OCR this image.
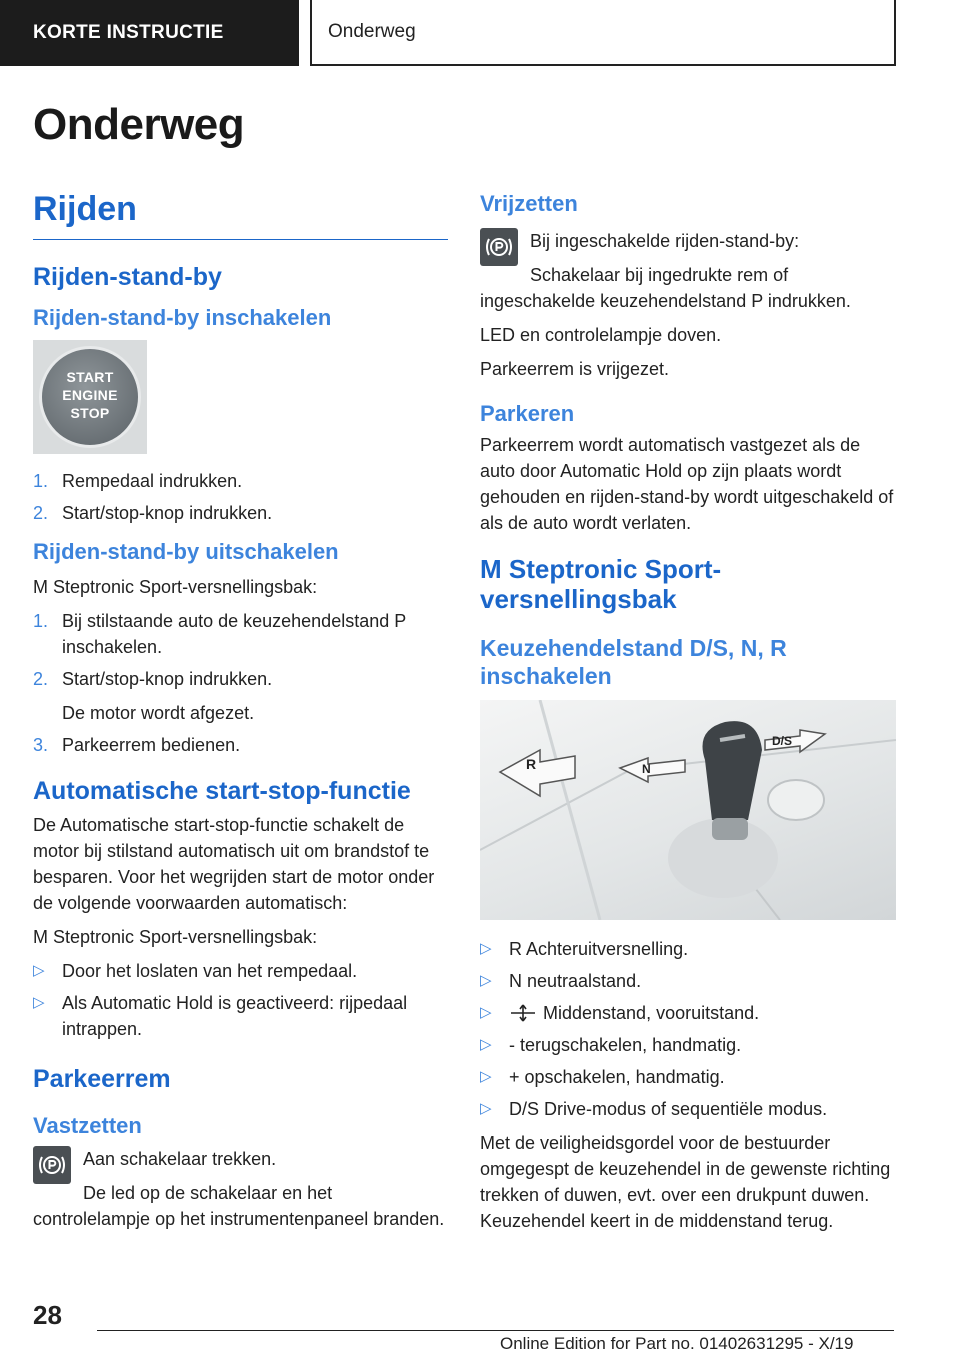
KORTE INSTRUCTIE	Onderweg
Onderweg
Rijden
Rijden-stand-by
Rijden-stand-by inschakelen
START
ENGINE
STOP
1. Rempedaal indrukken.
2. Start/stop-knop indrukken.
Rijden-stand-by uitschakelen

M Steptronic Sport-versnellingsbak:

1. Bij stilstaande auto de keuzehendelstand P inschakelen.
2. Start/stop-knop indrukken.
De motor wordt afgezet.
3. Parkeerrem bedienen.
Automatische start-stop-functie

De Automatische start-stop-functie schakelt de motor bij stilstand automatisch uit om brandstof te besparen. Voor het wegrijden start de motor onder de volgende voorwaarden automatisch:

M Steptronic Sport-versnellingsbak:

▷ Door het loslaten van het rempedaal.
▷ Als Automatic Hold is geactiveerd: rijpedaal intrappen.
Parkeerrem
Vastzetten

Aan schakelaar trekken.

De led op de schakelaar en het controlelampje op het instrumentenpaneel branden.

Vrijzetten

Bij ingeschakelde rijden-stand-by:

Schakelaar bij ingedrukte rem of ingeschakelde keuzehendelstand P indrukken.

LED en controlelampje doven.

Parkeerrem is vrijgezet.

Parkeren

Parkeerrem wordt automatisch vastgezet als de auto door Automatic Hold op zijn plaats wordt gehouden en rijden-stand-by wordt uitgeschakeld of als de auto wordt verlaten.

M Steptronic Sport-versnellingsbak
Keuzehendelstand D/S, N, R inschakelen
R	N
D/S
▷ R Achteruitversnelling.
▷ N neutraalstand.
▷	Middenstand, vooruitstand.
▷ - terugschakelen, handmatig.
▷ + opschakelen, handmatig.
▷ D/S Drive-modus of sequentiële modus.

Met de veiligheidsgordel voor de bestuurder omgegespt de keuzehendel in de gewenste richting trekken of duwen, evt. over een drukpunt duwen. Keuzehendel keert in de middenstand terug.

28
Online Edition for Part no. 01402631295 - X/19
